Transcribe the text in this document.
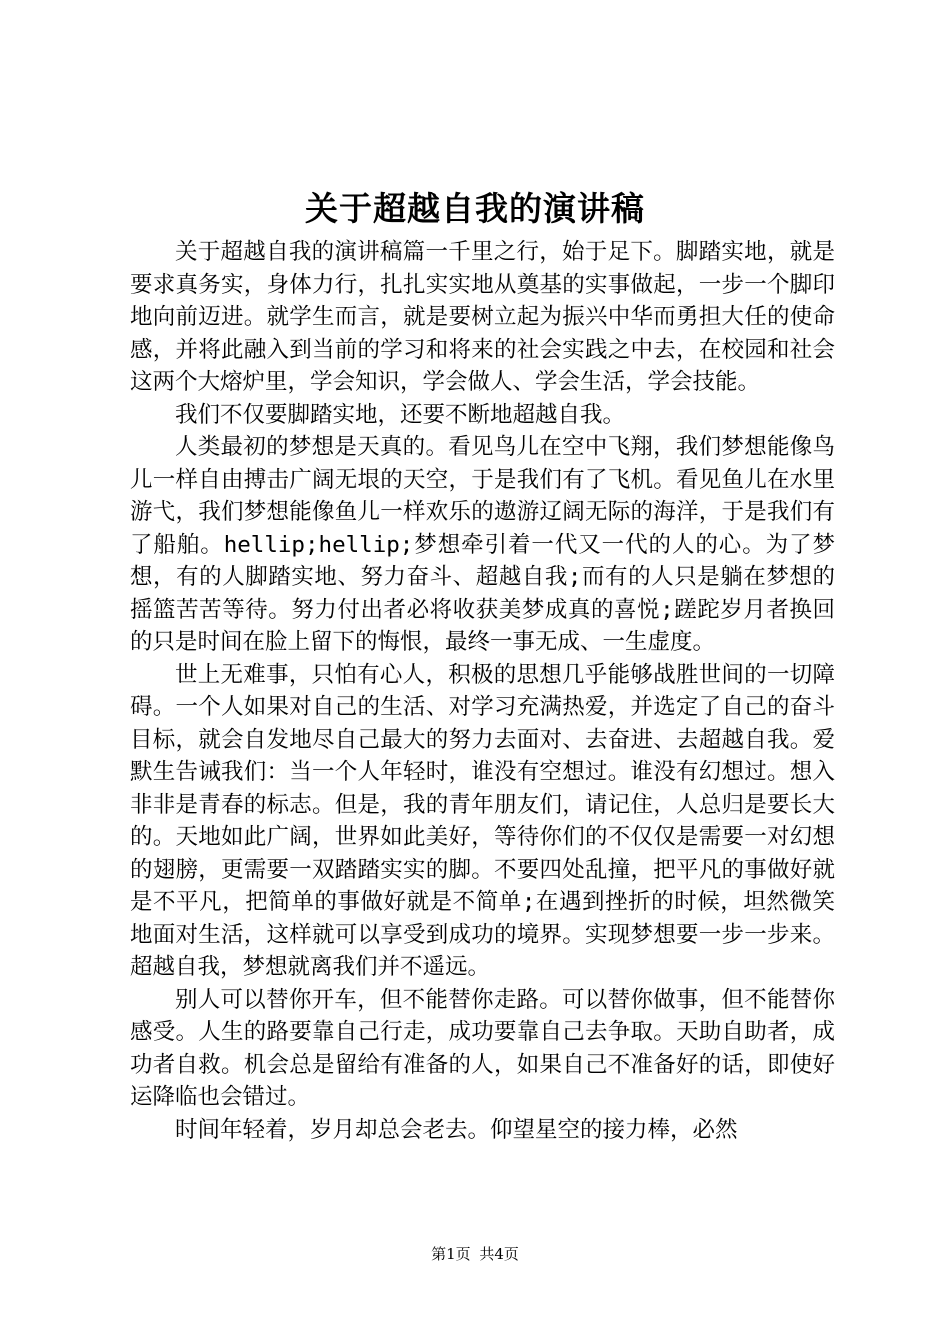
关于超越自我的演讲稿

关于超越自我的演讲稿篇一千里之行，始于足下。脚踏实地，就是要求真务实，身体力行，扎扎实实地从奠基的实事做起，一步一个脚印地向前迈进。就学生而言，就是要树立起为振兴中华而勇担大任的使命感，并将此融入到当前的学习和将来的社会实践之中去，在校园和社会这两个大熔炉里，学会知识，学会做人、学会生活，学会技能。

我们不仅要脚踏实地，还要不断地超越自我。

人类最初的梦想是天真的。看见鸟儿在空中飞翔，我们梦想能像鸟儿一样自由搏击广阔无垠的天空，于是我们有了飞机。看见鱼儿在水里游弋，我们梦想能像鱼儿一样欢乐的遨游辽阔无际的海洋，于是我们有了船舶。hellip;hellip;梦想牵引着一代又一代的人的心。为了梦想，有的人脚踏实地、努力奋斗、超越自我;而有的人只是躺在梦想的摇篮苦苦等待。努力付出者必将收获美梦成真的喜悦;蹉跎岁月者换回的只是时间在脸上留下的悔恨，最终一事无成、一生虚度。

世上无难事，只怕有心人，积极的思想几乎能够战胜世间的一切障碍。一个人如果对自己的生活、对学习充满热爱，并选定了自己的奋斗目标，就会自发地尽自己最大的努力去面对、去奋进、去超越自我。爱默生告诫我们：当一个人年轻时，谁没有空想过。谁没有幻想过。想入非非是青春的标志。但是，我的青年朋友们，请记住，人总归是要长大的。天地如此广阔，世界如此美好，等待你们的不仅仅是需要一对幻想的翅膀，更需要一双踏踏实实的脚。不要四处乱撞，把平凡的事做好就是不平凡，把简单的事做好就是不简单;在遇到挫折的时候，坦然微笑地面对生活，这样就可以享受到成功的境界。实现梦想要一步一步来。超越自我，梦想就离我们并不遥远。

别人可以替你开车，但不能替你走路。可以替你做事，但不能替你感受。人生的路要靠自己行走，成功要靠自己去争取。天助自助者，成功者自救。机会总是留给有准备的人，如果自己不准备好的话，即使好运降临也会错过。

时间年轻着，岁月却总会老去。仰望星空的接力棒，必然

第1页 共4页
